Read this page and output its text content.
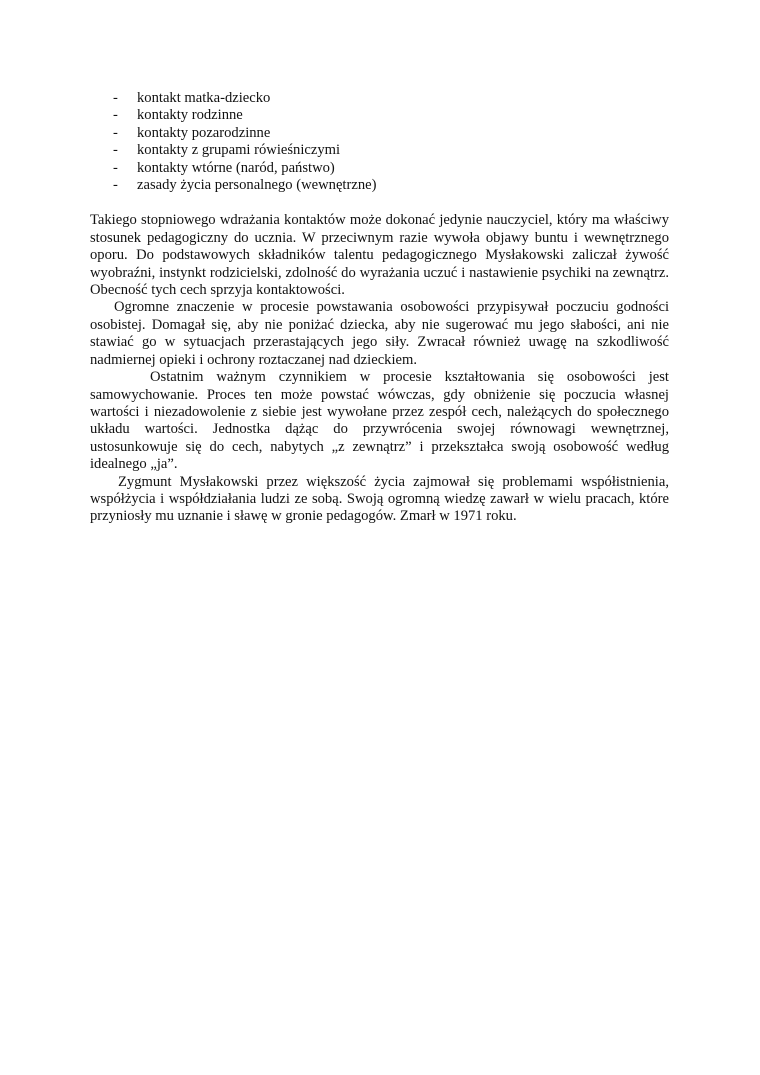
- kontakt matka-dziecko
- kontakty rodzinne
- kontakty pozarodzinne
- kontakty z grupami rówieśniczymi
- kontakty wtórne (naród, państwo)
- zasady życia personalnego (wewnętrzne)

Takiego stopniowego wdrażania kontaktów może dokonać jedynie nauczyciel, który ma właściwy stosunek pedagogiczny do ucznia. W przeciwnym razie wywoła objawy buntu i wewnętrznego oporu. Do podstawowych składników talentu pedagogicznego Mysłakowski zaliczał żywość wyobraźni, instynkt rodzicielski, zdolność do wyrażania uczuć i nastawienie psychiki na zewnątrz. Obecność tych cech sprzyja kontaktowości.

Ogromne znaczenie w procesie powstawania osobowości przypisywał poczuciu godności osobistej. Domagał się, aby nie poniżać dziecka, aby nie sugerować mu jego słabości, ani nie stawiać go w sytuacjach przerastających jego siły. Zwracał również uwagę na szkodliwość nadmiernej opieki i ochrony roztaczanej nad dzieckiem.

Ostatnim ważnym czynnikiem w procesie kształtowania się osobowości jest samowychowanie. Proces ten może powstać wówczas, gdy obniżenie się poczucia własnej wartości i niezadowolenie z siebie jest wywołane przez zespół cech, należących do społecznego układu wartości. Jednostka dążąc do przywrócenia swojej równowagi wewnętrznej, ustosunkowuje się do cech, nabytych „z zewnątrz” i przekształca swoją osobowość według idealnego „ja”.

Zygmunt Mysłakowski przez większość życia zajmował się problemami współistnienia, współżycia i współdziałania ludzi ze sobą. Swoją ogromną wiedzę zawarł w wielu pracach, które przyniosły mu uznanie i sławę w gronie pedagogów. Zmarł w 1971 roku.
